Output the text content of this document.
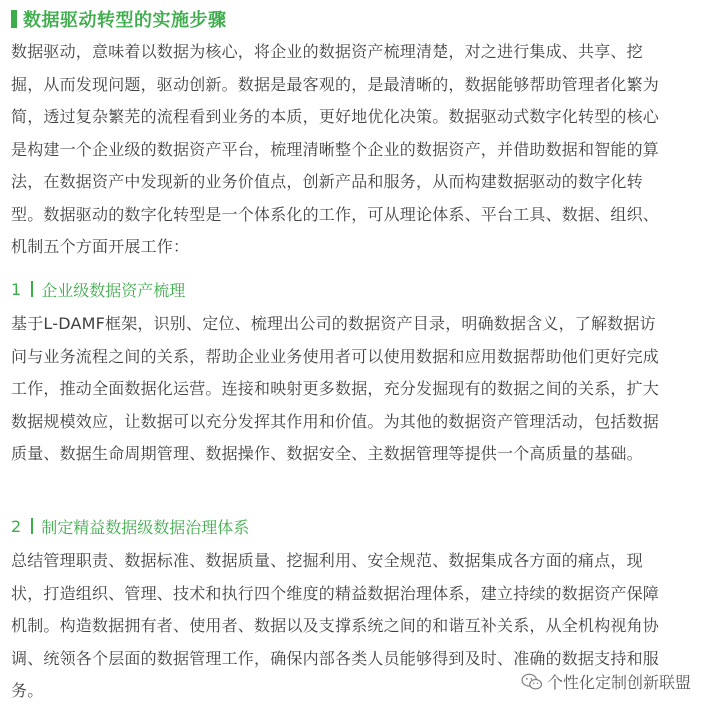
数据驱动转型的实施步骤

数据驱动，意味着以数据为核心，将企业的数据资产梳理清楚，对之进行集成、共享、挖

掘，从而发现问题，驱动创新。数据是最客观的，是最清晰的，数据能够帮助管理者化繁为

简，透过复杂繁芜的流程看到业务的本质，更好地优化决策。数据驱动式数字化转型的核心

是构建一个企业级的数据资产平台，梳理清晰整个企业的数据资产，并借助数据和智能的算

法，在数据资产中发现新的业务价值点，创新产品和服务，从而构建数据驱动的数字化转

型。数据驱动的数字化转型是一个体系化的工作，可从理论体系、平台工具、数据、组织、

机制五个方面开展工作：

1 企业级数据资产梳理

基于L-DAMF框架，识别、定位、梳理出公司的数据资产目录，明确数据含义，了解数据访

问与业务流程之间的关系，帮助企业业务使用者可以使用数据和应用数据帮助他们更好完成

工作，推动全面数据化运营。连接和映射更多数据，充分发掘现有的数据之间的关系，扩大

数据规模效应，让数据可以充分发挥其作用和价值。为其他的数据资产管理活动，包括数据

质量、数据生命周期管理、数据操作、数据安全、主数据管理等提供一个高质量的基础。

2 制定精益数据级数据治理体系

总结管理职责、数据标准、数据质量、挖掘利用、安全规范、数据集成各方面的痛点，现

状，打造组织、管理、技术和执行四个维度的精益数据治理体系，建立持续的数据资产保障

机制。构造数据拥有者、使用者、数据以及支撑系统之间的和谐互补关系，从全机构视角协

调、统领各个层面的数据管理工作，确保内部各类人员能够得到及时、准确的数据支持和服

务。	个性化定制创新联盟
